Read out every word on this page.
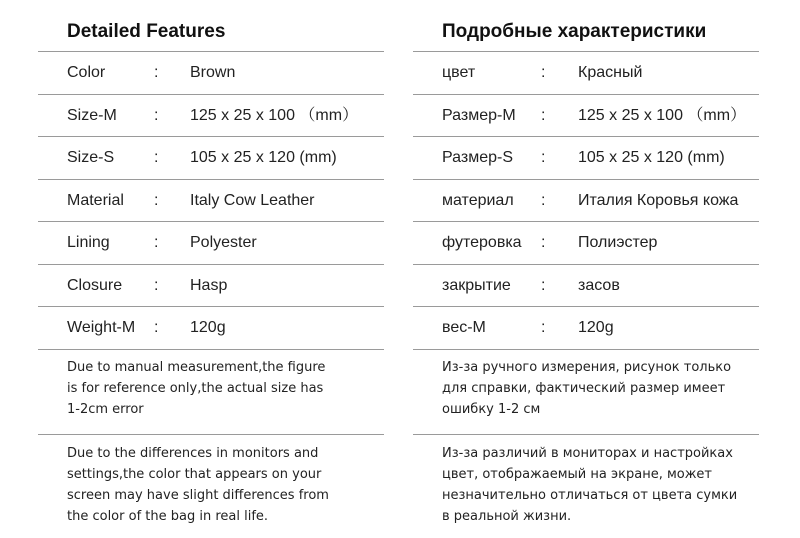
Detailed Features
Color	: Brown
Size-M : 125 x 25 x 100 （mm）
Size-S : 105 x 25 x 120 (mm)
Material : Italy Cow Leather
Lining	: Polyester
Closure : Hasp
Weight-M : 120g
Due to manual measurement,the figure
is for reference only,the actual size has
1-2cm error
Due to the differences in monitors and
settings,the color that appears on your
screen may have slight differences from
the color of the bag in real life.
Подробные характеристики
цвет	: Красный
Размер-M : 125 x 25 x 100 （mm）
Размер-S : 105 x 25 x 120 (mm)
материал : Италия Коровья кожа
футеровка : Полиэстер
закрытие : засов
вес-M	: 120g
Из-за ручного измерения, рисунок только
для справки, фактический размер имеет
ошибку 1-2 см
Из-за различий в мониторах и настройках
цвет, отображаемый на экране, может
незначительно отличаться от цвета сумки
в реальной жизни.
